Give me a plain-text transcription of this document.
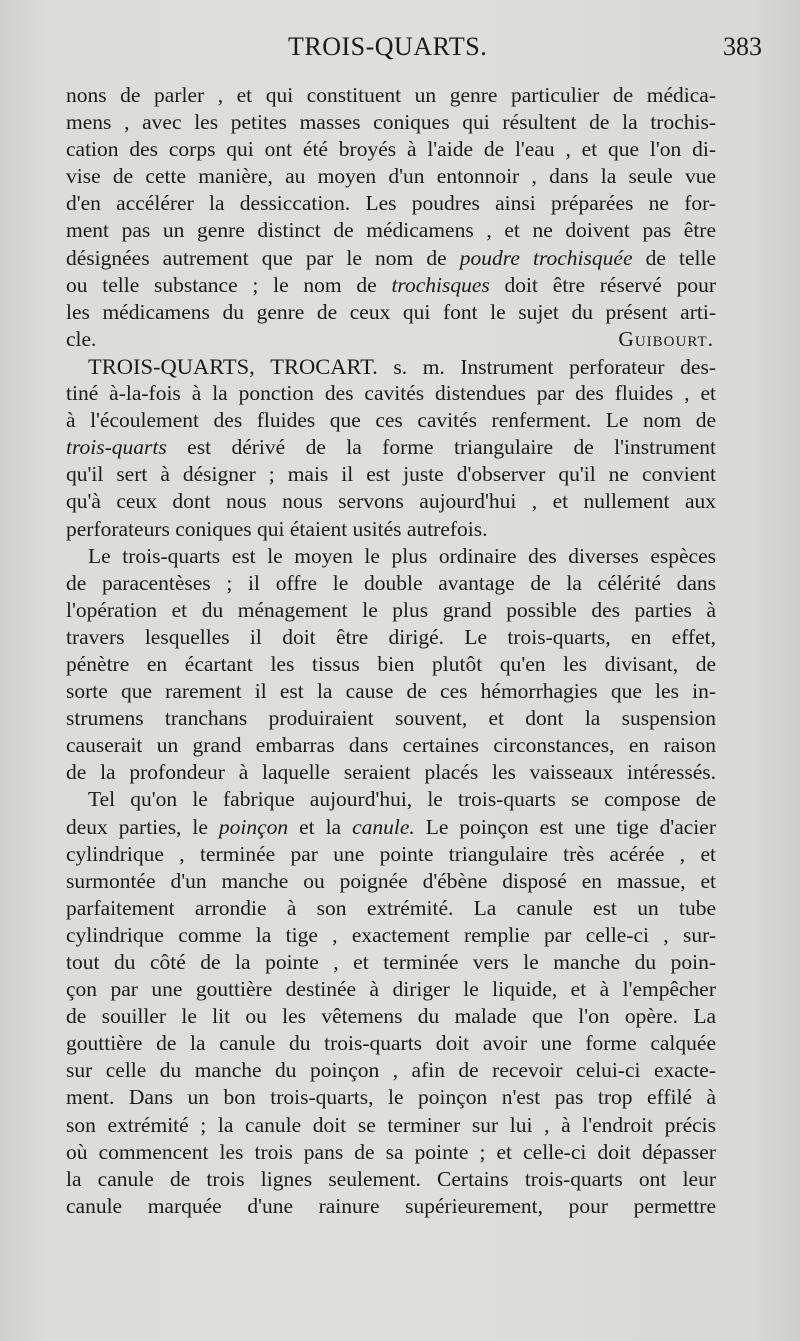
TROIS-QUARTS.	383
nons de parler , et qui constituent un genre particulier de médica-
mens , avec les petites masses coniques qui résultent de la trochis-
cation des corps qui ont été broyés à l'aide de l'eau , et que l'on di-
vise de cette manière, au moyen d'un entonnoir , dans la seule vue
d'en accélérer la dessiccation. Les poudres ainsi préparées ne for-
ment pas un genre distinct de médicamens , et ne doivent pas être
désignées autrement que par le nom de poudre trochisquée de telle
ou telle substance ; le nom de trochisques doit être réservé pour
les médicamens du genre de ceux qui font le sujet du présent arti-
cle.	Guibourt.
TROIS-QUARTS, TROCART. s. m. Instrument perforateur des-
tiné à-la-fois à la ponction des cavités distendues par des fluides , et
à l'écoulement des fluides que ces cavités renferment. Le nom de
trois-quarts est dérivé de la forme triangulaire de l'instrument
qu'il sert à désigner ; mais il est juste d'observer qu'il ne convient
qu'à ceux dont nous nous servons aujourd'hui , et nullement aux
perforateurs coniques qui étaient usités autrefois.
Le trois-quarts est le moyen le plus ordinaire des diverses espèces
de paracentèses ; il offre le double avantage de la célérité dans
l'opération et du ménagement le plus grand possible des parties à
travers lesquelles il doit être dirigé. Le trois-quarts, en effet,
pénètre en écartant les tissus bien plutôt qu'en les divisant, de
sorte que rarement il est la cause de ces hémorrhagies que les in-
strumens tranchans produiraient souvent, et dont la suspension
causerait un grand embarras dans certaines circonstances, en raison
de la profondeur à laquelle seraient placés les vaisseaux intéressés.
Tel qu'on le fabrique aujourd'hui, le trois-quarts se compose de
deux parties, le poinçon et la canule. Le poinçon est une tige d'acier
cylindrique , terminée par une pointe triangulaire très acérée , et
surmontée d'un manche ou poignée d'ébène disposé en massue, et
parfaitement arrondie à son extrémité. La canule est un tube
cylindrique comme la tige , exactement remplie par celle-ci , sur-
tout du côté de la pointe , et terminée vers le manche du poin-
çon par une gouttière destinée à diriger le liquide, et à l'empêcher
de souiller le lit ou les vêtemens du malade que l'on opère. La
gouttière de la canule du trois-quarts doit avoir une forme calquée
sur celle du manche du poinçon , afin de recevoir celui-ci exacte-
ment. Dans un bon trois-quarts, le poinçon n'est pas trop effilé à
son extrémité ; la canule doit se terminer sur lui , à l'endroit précis
où commencent les trois pans de sa pointe ; et celle-ci doit dépasser
la canule de trois lignes seulement. Certains trois-quarts ont leur
canule marquée d'une rainure supérieurement, pour permettre
